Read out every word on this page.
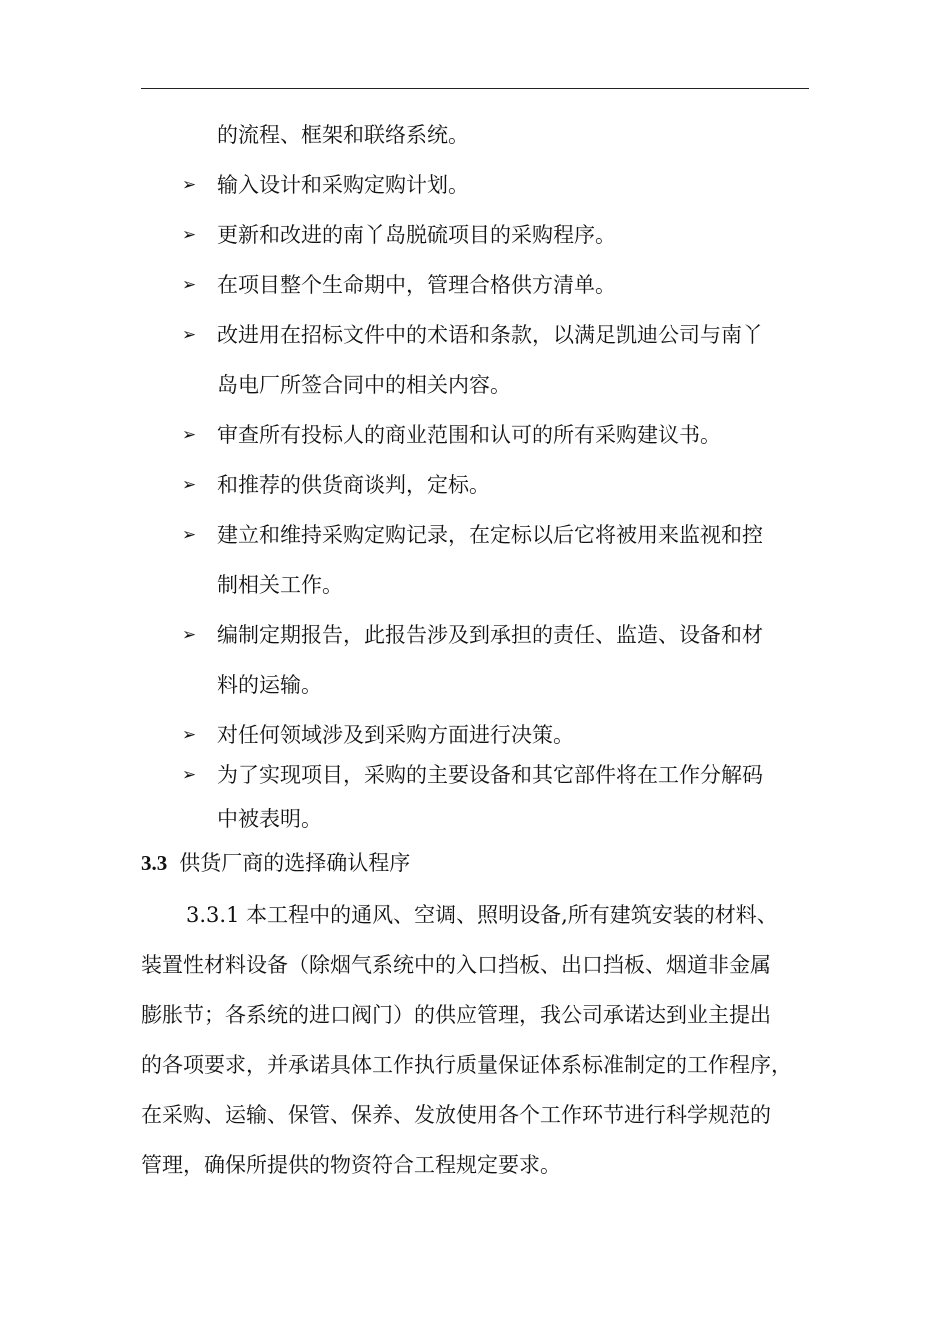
的流程、框架和联络系统。
➢ 输入设计和采购定购计划。
➢ 更新和改进的南丫岛脱硫项目的采购程序。
➢ 在项目整个生命期中，管理合格供方清单。
➢ 改进用在招标文件中的术语和条款，以满足凯迪公司与南丫
岛电厂所签合同中的相关内容。
➢ 审查所有投标人的商业范围和认可的所有采购建议书。
➢ 和推荐的供货商谈判，定标。
➢ 建立和维持采购定购记录，在定标以后它将被用来监视和控
制相关工作。
➢ 编制定期报告，此报告涉及到承担的责任、监造、设备和材
料的运输。
➢ 对任何领域涉及到采购方面进行决策。
➢ 为了实现项目，采购的主要设备和其它部件将在工作分解码
中被表明。
3.3 供货厂商的选择确认程序
3.3.1 本工程中的通风、空调、照明设备,所有建筑安装的材料、
装置性材料设备（除烟气系统中的入口挡板、出口挡板、烟道非金属
膨胀节；各系统的进口阀门）的供应管理，我公司承诺达到业主提出
的各项要求，并承诺具体工作执行质量保证体系标准制定的工作程序，
在采购、运输、保管、保养、发放使用各个工作环节进行科学规范的
管理，确保所提供的物资符合工程规定要求。
